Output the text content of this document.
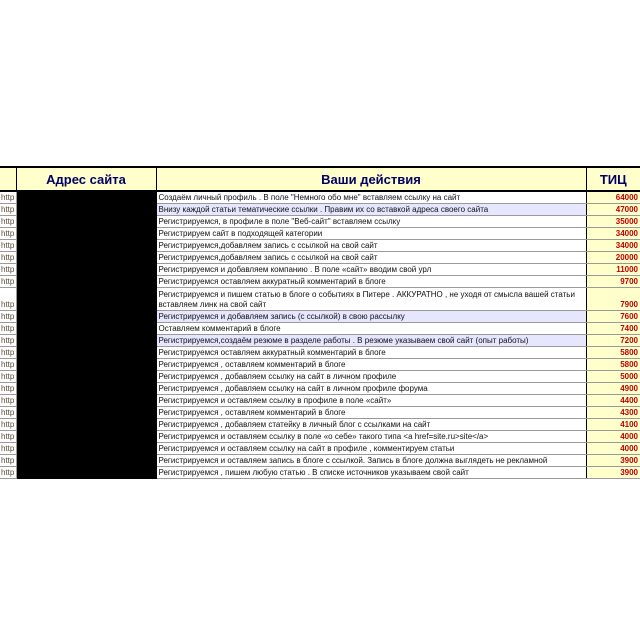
	Адрес сайта	Ваши действия	ТИЦ
http		Создаём личный профиль . В поле "Немного обо мне" вставляем ссылку на сайт	64000
http		Внизу каждой статьи тематические ссылки . Правим их со вставкой адреса своего сайта	47000
http		Регистрируемся, в профиле в поле "Веб-сайт" вставляем ссылку	35000
http		Регистрируем сайт в подходящей категории	34000
http		Регистрируемся,добавляем запись с ссылкой на свой сайт	34000
http		Регистрируемся,добавляем запись с ссылкой на свой сайт	20000
http		Регистрируемся и добавляем компанию . В поле «сайт» вводим свой урл	11000
http		Регистрируемся оставляем аккуратный комментарий в блоге	9700
http		Регистрируемся и пишем статью в блоге о событиях в Питере . АККУРАТНО , не уходя от смысла вашей статьи вставляем линк на свой сайт	7900
http		Регистрируемся и добавляем запись (с ссылкой) в свою рассылку	7600
http		Оставляем комментарий в блоге	7400
http		Регистрируемся,создаём резюме в разделе работы . В резюме указываем свой сайт (опыт работы)	7200
http		Регистрируемся оставляем аккуратный комментарий в блоге	5800
http		Регистрируемся , оставляем комментарий в блоге	5800
http		Регистрируемся , добавляем ссылку на сайт в личном профиле	5000
http		Регистрируемся , добавляем ссылку на сайт в личном профиле форума	4900
http		Регистрируемся и оставляем ссылку в профиле в поле «сайт»	4400
http		Регистрируемся , оставляем комментарий в блоге	4300
http		Регистрируемся , добавляем статейку в личный блог с ссылками на сайт	4100
http		Регистрируемся и оставляем ссылку в поле «о себе» такого типа <a href=site.ru>site</a>	4000
http		Регистрируемся и оставляем ссылку на сайт в профиле , комментируем статьи	4000
http		Регистрируемся и оставляем запись в блоге с ссылкой. Запись в блоге должна выглядеть не рекламной	3900
http		Регистрируемся , пишем любую статью . В списке источников указываем свой сайт	3900
